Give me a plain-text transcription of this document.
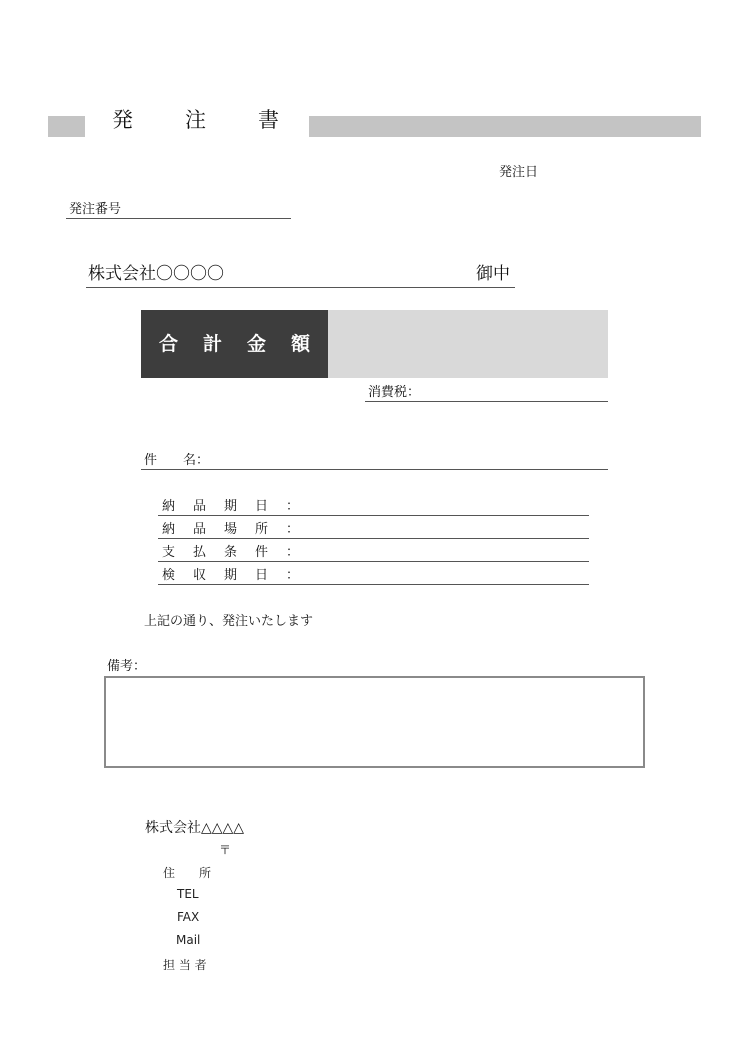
発 注 書
発注日
発注番号
株式会社〇〇〇〇	御中
合 計 金 額
消費税：
件　　名：
納 品 期 日 ：
納 品 場 所 ：
支 払 条 件 ：
検 収 期 日 ：
上記の通り、発注いたします
備考：
株式会社△△△△
〒
住　　所
TEL
FAX
Mail
担 当 者
